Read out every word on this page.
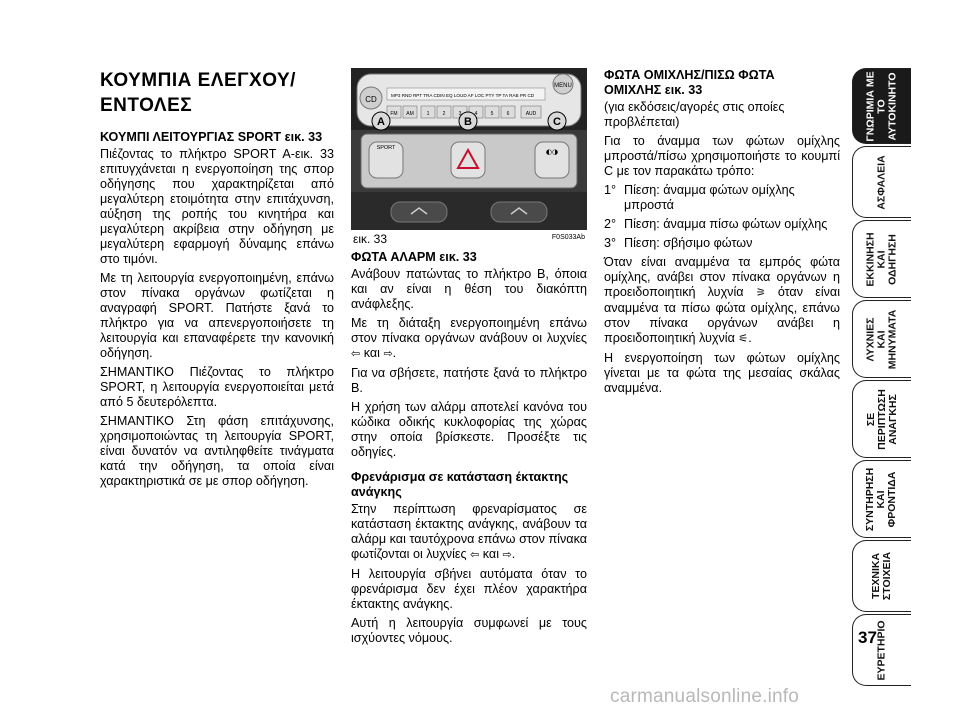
ΚΟΥΜΠΙΑ ΕΛΕΓΧΟΥ/
ΕΝΤΟΛΕΣ
ΚΟΥΜΠΙ ΛΕΙΤΟΥΡΓΙΑΣ SPORT εικ. 33

Πιέζοντας το πλήκτρο SPORT A-εικ. 33 επιτυγχάνεται η ενεργοποίηση της σπορ οδήγησης που χαρακτηρίζεται από μεγαλύτερη ετοιμότητα στην επιτάχυνση, αύξηση της ροπής του κινητήρα και μεγαλύτερη ακρίβεια στην οδήγηση με μεγαλύτερη εφαρμογή δύναμης επάνω στο τιμόνι.

Με τη λειτουργία ενεργοποιημένη, επάνω στον πίνακα οργάνων φωτίζεται η αναγραφή SPORT. Πατήστε ξανά το πλήκτρο για να απενεργοποιήσετε τη λειτουργία και επαναφέρετε την κανονική οδήγηση.

ΣΗΜΑΝΤΙΚΟ Πιέζοντας το πλήκτρο SPORT, η λειτουργία ενεργοποιείται μετά από 5 δευτερόλεπτα.

ΣΗΜΑΝΤΙΚΟ Στη φάση επιτάχυνσης, χρησιμοποιώντας τη λειτουργία SPORT, είναι δυνατόν να αντιληφθείτε τινάγματα κατά την οδήγηση, τα οποία είναι χαρακτηριστικά σε με σπορ οδήγηση.

CD
MENU
MP3 RND RPT TRA CDIN EQ LOUD AF LOC PTY TP TA RAB PR CD
FM AM	1	2	3	4	5	6	AUD
SPORT	◐◑
A	B	C
εικ. 33	F0S033Ab
ΦΩΤΑ ΑΛΑΡΜ εικ. 33

Ανάβουν πατώντας το πλήκτρο B, όποια και αν είναι η θέση του διακόπτη ανάφλεξης.

Με τη διάταξη ενεργοποιημένη επάνω στον πίνακα οργάνων ανάβουν οι λυχνίες ⇦ και ⇨.

Για να σβήσετε, πατήστε ξανά το πλήκτρο B.

Η χρήση των αλάρμ αποτελεί κανόνα του κώδικα οδικής κυκλοφορίας της χώρας στην οποία βρίσκεστε. Προσέξτε τις οδηγίες.

Φρενάρισμα σε κατάσταση έκτακτης ανάγκης

Στην περίπτωση φρεναρίσματος σε κατάσταση έκτακτης ανάγκης, ανάβουν τα αλάρμ και ταυτόχρονα επάνω στον πίνακα φωτίζονται οι λυχνίες ⇦ και ⇨.

Η λειτουργία σβήνει αυτόματα όταν το φρενάρισμα δεν έχει πλέον χαρακτήρα έκτακτης ανάγκης.

Αυτή η λειτουργία συμφωνεί με τους ισχύοντες νόμους.

ΦΩΤΑ ΟΜΙΧΛΗΣ/ΠΙΣΩ ΦΩΤΑ
ΟΜΙΧΛΗΣ εικ. 33

(για εκδόσεις/αγορές στις οποίες προβλέπεται)

Για το άναμμα των φώτων ομίχλης μπροστά/πίσω χρησιμοποιήστε το κουμπί C με τον παρακάτω τρόπο:

1° Πίεση: άναμμα φώτων ομίχλης μπροστά
2° Πίεση: άναμμα πίσω φώτων ομίχλης
3° Πίεση: σβήσιμο φώτων

Όταν είναι αναμμένα τα εμπρός φώτα ομίχλης, ανάβει στον πίνακα οργάνων η προειδοποιητική λυχνία ⚞ όταν είναι αναμμένα τα πίσω φώτα ομίχλης, επάνω στον πίνακα οργάνων ανάβει η προειδοποιητική λυχνία ⚟.

Η ενεργοποίηση των φώτων ομίχλης γίνεται με τα φώτα της μεσαίας σκάλας αναμμένα.

ΓΝΩΡΙΜΙΑ ΜΕ
ΤΟ
ΑΥΤΟΚΙΝΗΤΟ
ΑΣΦΑΛΕΙΑ
ΕΚΚΙΝΗΣΗ
ΚΑΙ
ΟΔΗΓΗΣΗ
ΛΥΧΝΙΕΣ
ΚΑΙ
ΜΗΝΥΜΑΤΑ
ΣΕ
ΠΕΡΙΠΤΩΣΗ
ΑΝΑΓΚΗΣ
ΣΥΝΤΗΡΗΣΗ
ΚΑΙ
ΦΡΟΝΤΙΔΑ
ΤΕΧΝΙΚΑ
ΣΤΟΙΧΕΙΑ
ΕΥΡΕΤΗΡΙΟ
37
carmanualsonline.info
